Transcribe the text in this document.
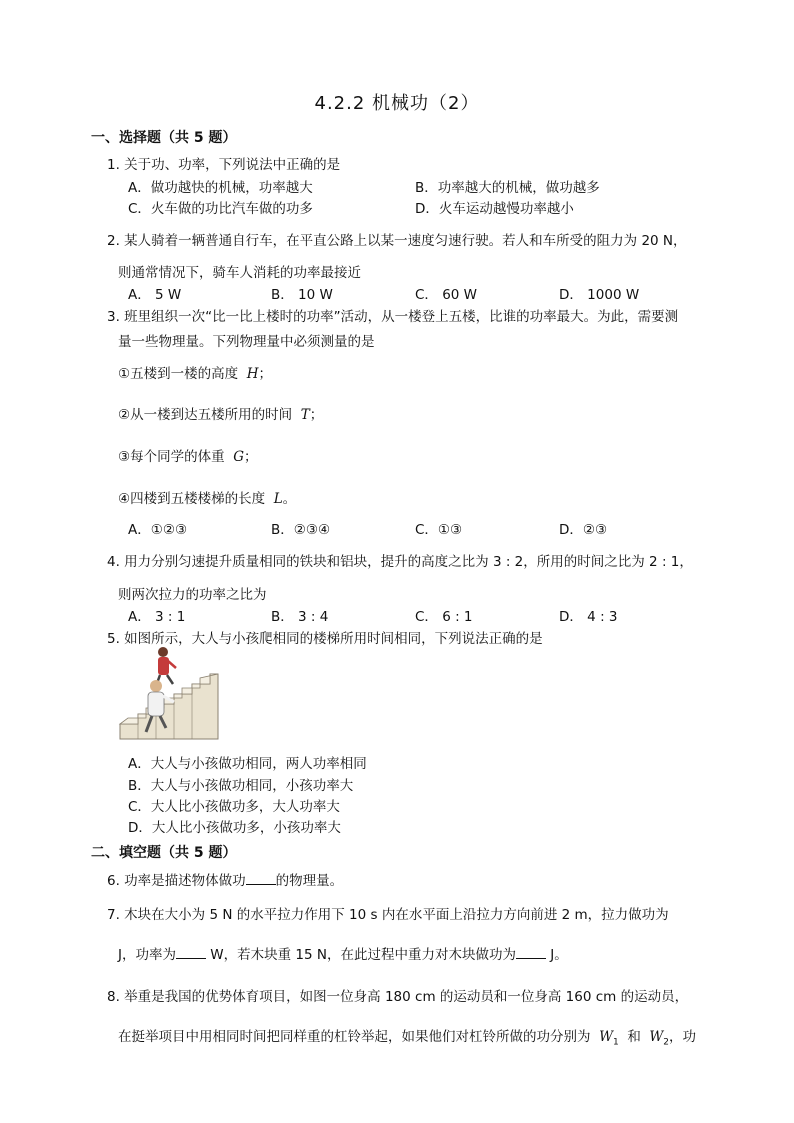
4.2.2 机械功（2）
一、选择题（共 5 题）
1. 关于功、功率，下列说法中正确的是
A．做功越快的机械，功率越大	B．功率越大的机械，做功越多
C．火车做的功比汽车做的功多	D．火车运动越慢功率越小
2. 某人骑着一辆普通自行车，在平直公路上以某一速度匀速行驶。若人和车所受的阻力为 20 N，
则通常情况下，骑车人消耗的功率最接近
A． 5 W	B． 10 W	C． 60 W	D． 1000 W
3. 班里组织一次“比一比上楼时的功率”活动，从一楼登上五楼，比谁的功率最大。为此，需要测
量一些物理量。下列物理量中必须测量的是
①五楼到一楼的高度 H；
②从一楼到达五楼所用的时间 T；
③每个同学的体重 G；
④四楼到五楼楼梯的长度 L。
A．①②③	B．②③④	C．①③	D．②③
4. 用力分别匀速提升质量相同的铁块和铝块，提升的高度之比为 3 : 2，所用的时间之比为 2 : 1，
则两次拉力的功率之比为
A． 3 : 1	B． 3 : 4	C． 6 : 1	D． 4 : 3
5. 如图所示，大人与小孩爬相同的楼梯所用时间相同，下列说法正确的是
A．大人与小孩做功相同，两人功率相同
B．大人与小孩做功相同，小孩功率大
C．大人比小孩做功多，大人功率大
D．大人比小孩做功多，小孩功率大
二、填空题（共 5 题）
6. 功率是描述物体做功 的物理量。
7. 木块在大小为 5 N 的水平拉力作用下 10 s 内在水平面上沿拉力方向前进 2 m，拉力做功为
J，功率为	W，若木块重 15 N，在此过程中重力对木块做功为	J。
8. 举重是我国的优势体育项目，如图一位身高 180 cm 的运动员和一位身高 160 cm 的运动员，
在挺举项目中用相同时间把同样重的杠铃举起，如果他们对杠铃所做的功分别为 $W_1$ 和 $W_2$，功
